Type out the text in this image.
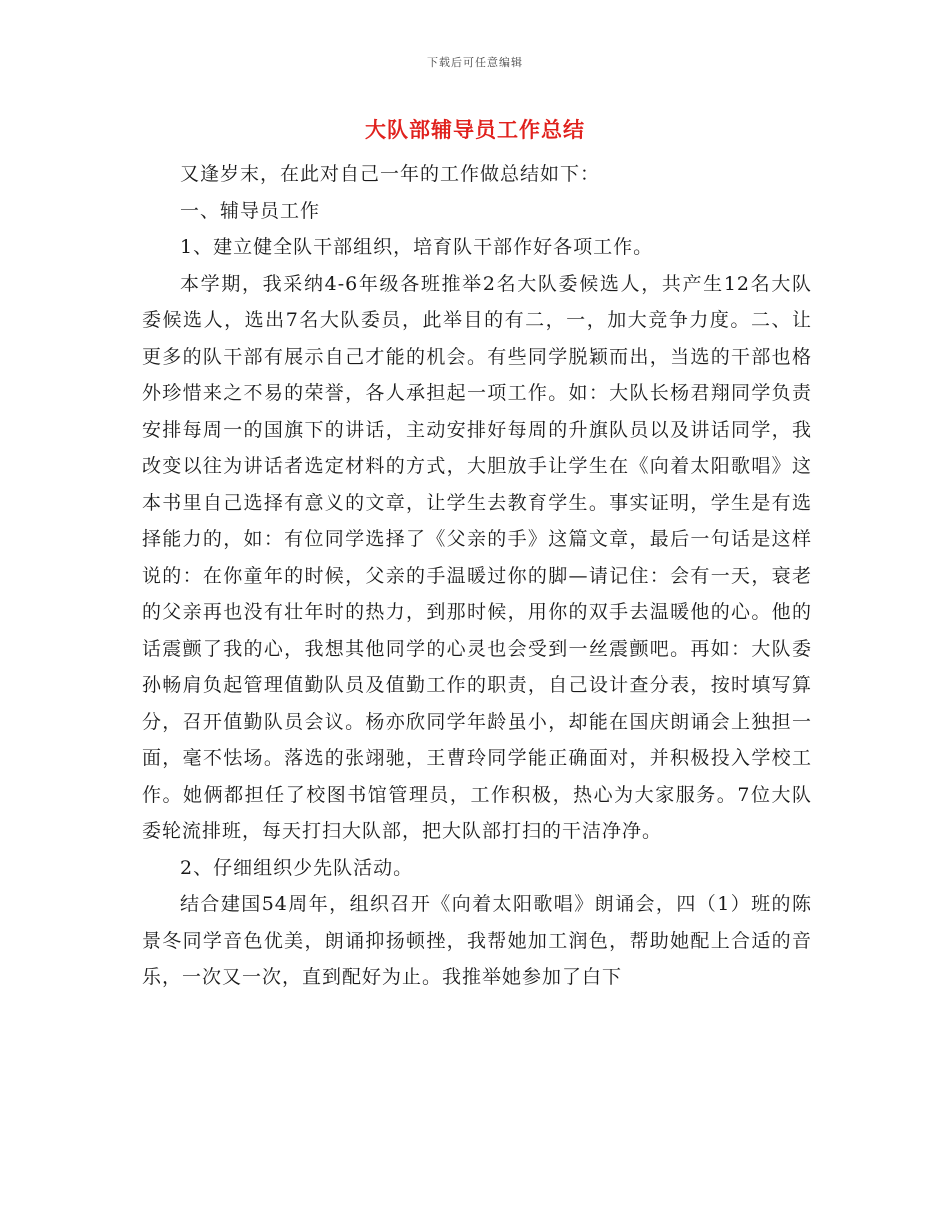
下载后可任意编辑
大队部辅导员工作总结

又逢岁末，在此对自己一年的工作做总结如下：

一、辅导员工作

1、建立健全队干部组织，培育队干部作好各项工作。

本学期，我采纳4-6年级各班推举2名大队委候选人，共产生12名大队委候选人，选出7名大队委员，此举目的有二，一，加大竞争力度。二、让更多的队干部有展示自己才能的机会。有些同学脱颖而出，当选的干部也格外珍惜来之不易的荣誉，各人承担起一项工作。如：大队长杨君翔同学负责安排每周一的国旗下的讲话，主动安排好每周的升旗队员以及讲话同学，我改变以往为讲话者选定材料的方式，大胆放手让学生在《向着太阳歌唱》这本书里自己选择有意义的文章，让学生去教育学生。事实证明，学生是有选择能力的，如：有位同学选择了《父亲的手》这篇文章，最后一句话是这样说的：在你童年的时候，父亲的手温暖过你的脚—请记住：会有一天，衰老的父亲再也没有壮年时的热力，到那时候，用你的双手去温暖他的心。他的话震颤了我的心，我想其他同学的心灵也会受到一丝震颤吧。再如：大队委孙畅肩负起管理值勤队员及值勤工作的职责，自己设计查分表，按时填写算分，召开值勤队员会议。杨亦欣同学年龄虽小，却能在国庆朗诵会上独担一面，毫不怯场。落选的张翊驰，王曹玲同学能正确面对，并积极投入学校工作。她俩都担任了校图书馆管理员，工作积极，热心为大家服务。7位大队委轮流排班，每天打扫大队部，把大队部打扫的干洁净净。

2、仔细组织少先队活动。

结合建国54周年，组织召开《向着太阳歌唱》朗诵会，四（1）班的陈景冬同学音色优美，朗诵抑扬顿挫，我帮她加工润色，帮助她配上合适的音乐，一次又一次，直到配好为止。我推举她参加了白下
